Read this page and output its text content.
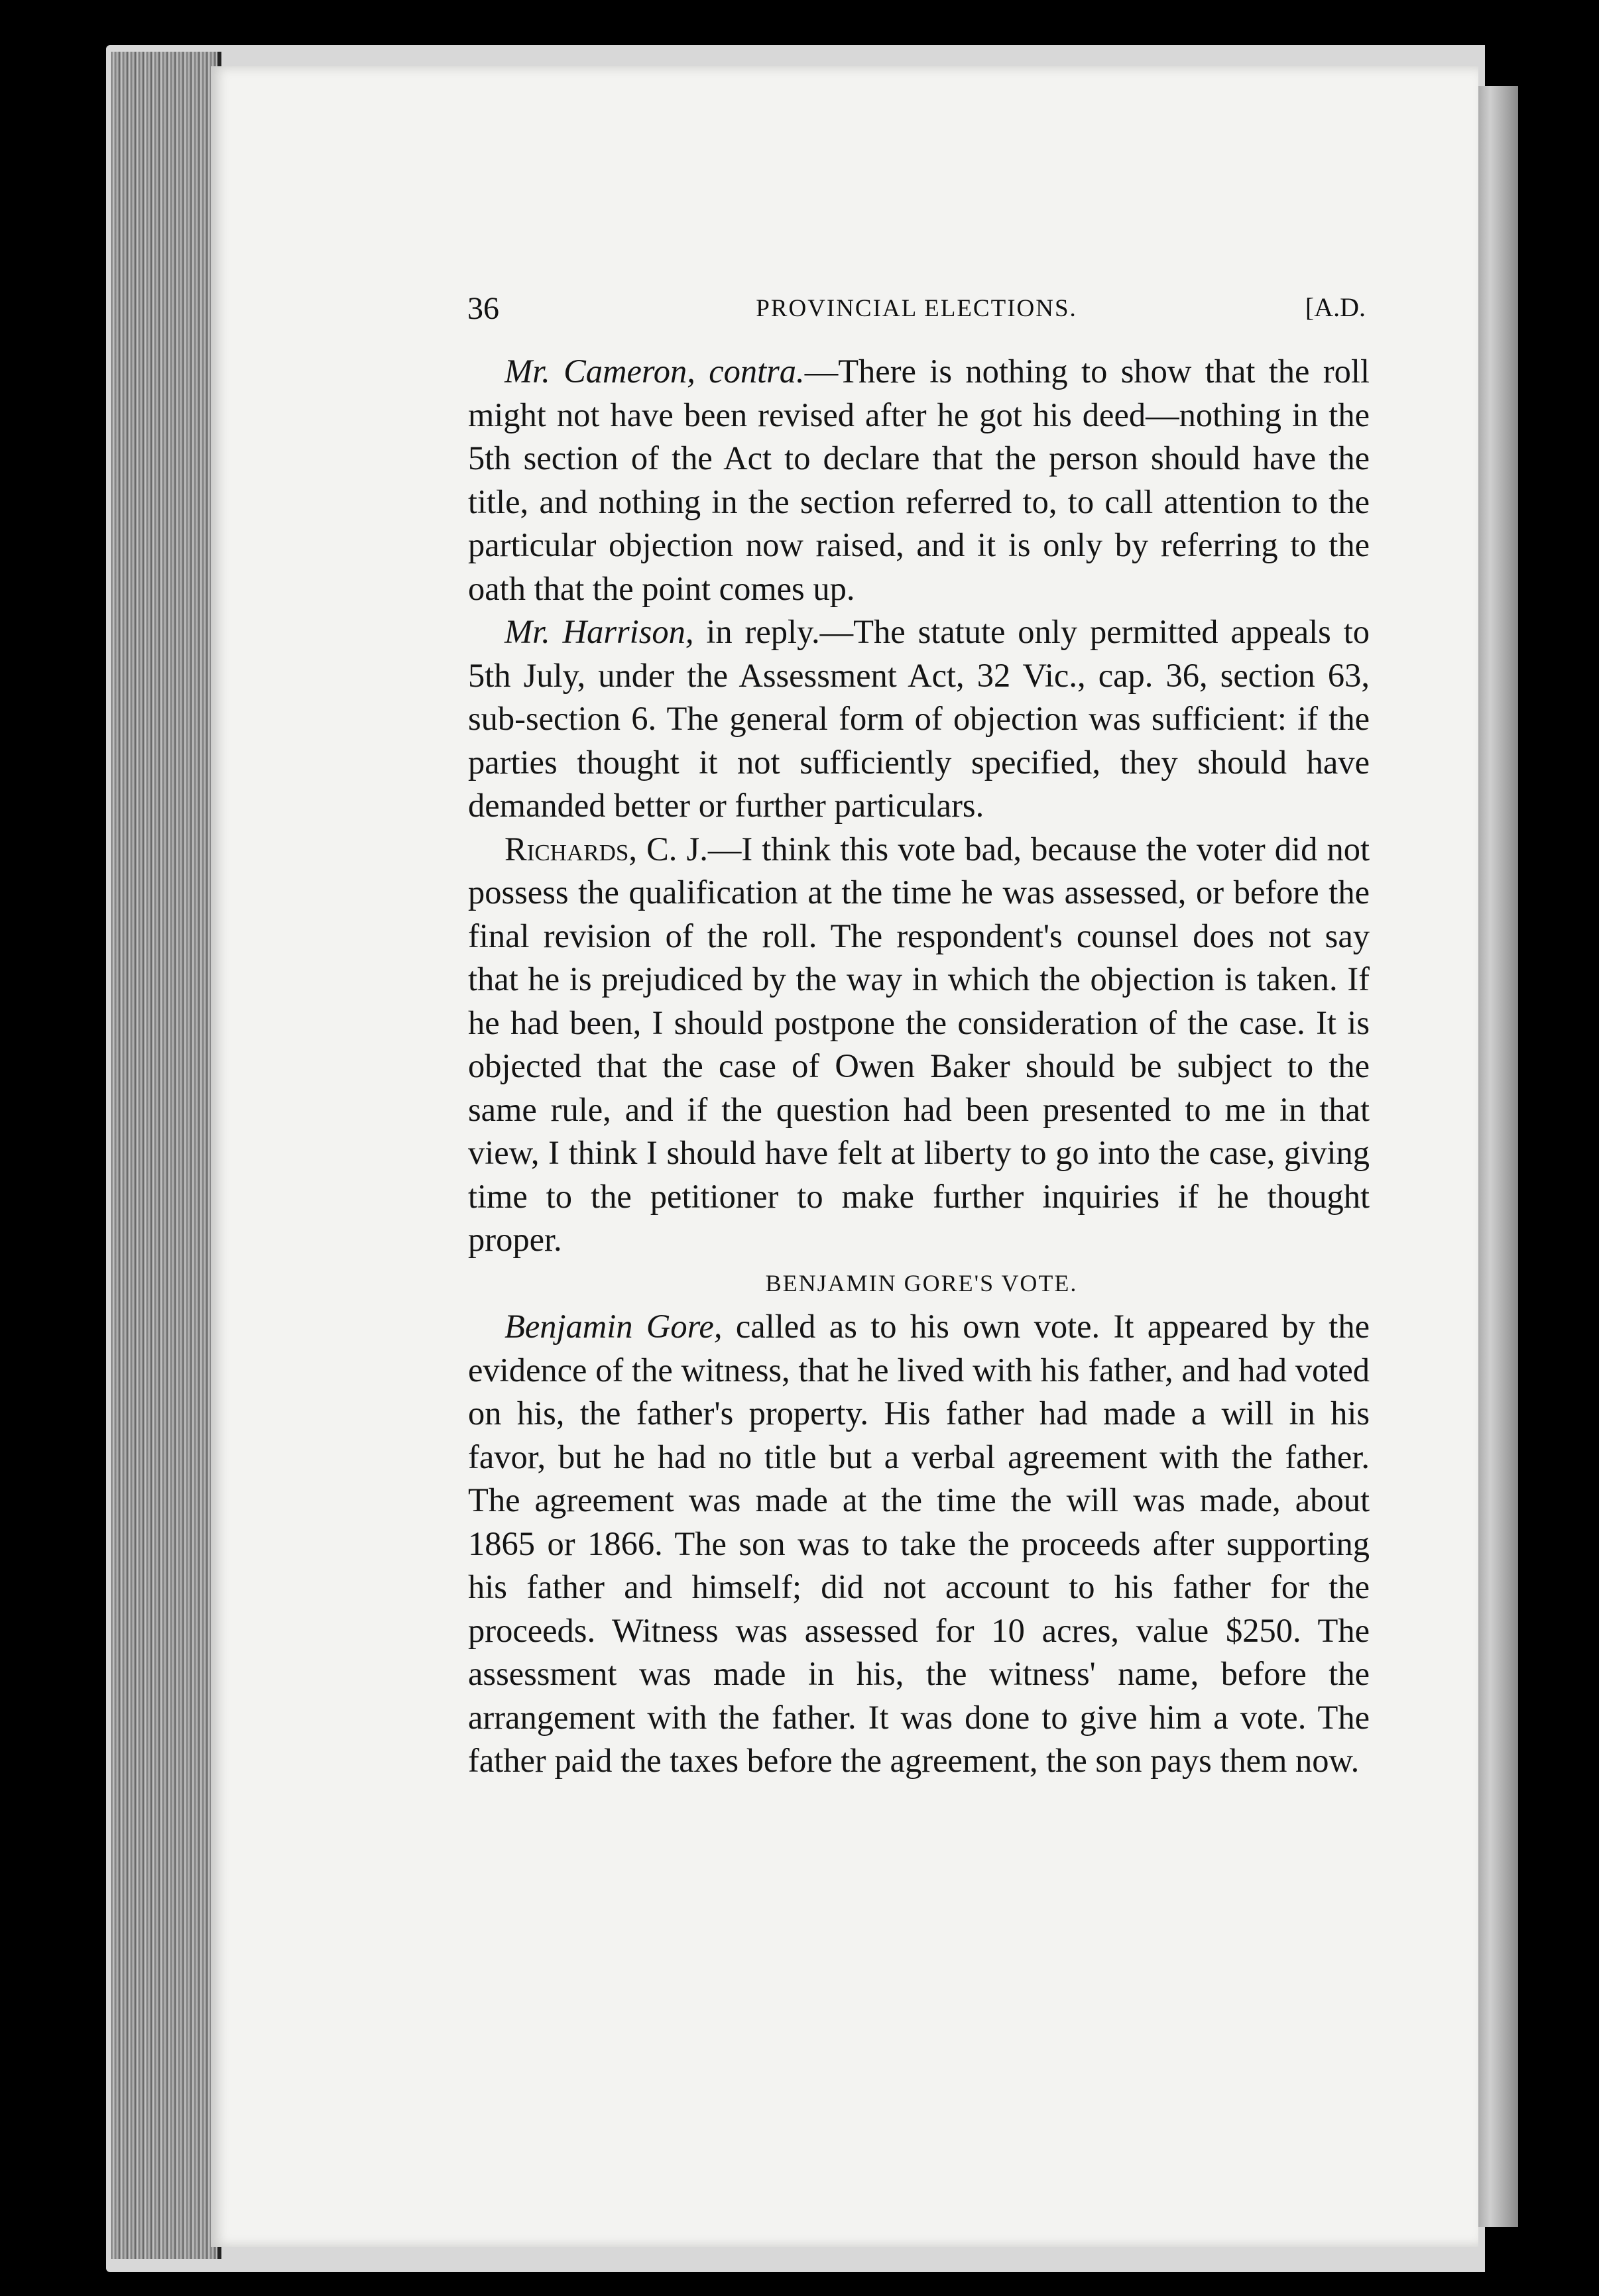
36	PROVINCIAL ELECTIONS.	[A.D.

Mr. Cameron, contra.—There is nothing to show that the roll might not have been revised after he got his deed—nothing in the 5th section of the Act to declare that the person should have the title, and nothing in the section referred to, to call attention to the particular objection now raised, and it is only by referring to the oath that the point comes up.

Mr. Harrison, in reply.—The statute only permitted appeals to 5th July, under the Assessment Act, 32 Vic., cap. 36, section 63, sub-section 6. The general form of objection was sufficient: if the parties thought it not sufficiently specified, they should have demanded better or further particulars.

Richards, C. J.—I think this vote bad, because the voter did not possess the qualification at the time he was assessed, or before the final revision of the roll. The respondent's counsel does not say that he is prejudiced by the way in which the objection is taken. If he had been, I should postpone the consideration of the case. It is objected that the case of Owen Baker should be subject to the same rule, and if the question had been presented to me in that view, I think I should have felt at liberty to go into the case, giving time to the petitioner to make further inquiries if he thought proper.

BENJAMIN GORE'S VOTE.

Benjamin Gore, called as to his own vote. It appeared by the evidence of the witness, that he lived with his father, and had voted on his, the father's property. His father had made a will in his favor, but he had no title but a verbal agreement with the father. The agreement was made at the time the will was made, about 1865 or 1866. The son was to take the proceeds after supporting his father and himself; did not account to his father for the proceeds. Witness was assessed for 10 acres, value $250. The assessment was made in his, the witness' name, before the arrangement with the father. It was done to give him a vote. The father paid the taxes before the agreement, the son pays them now.
